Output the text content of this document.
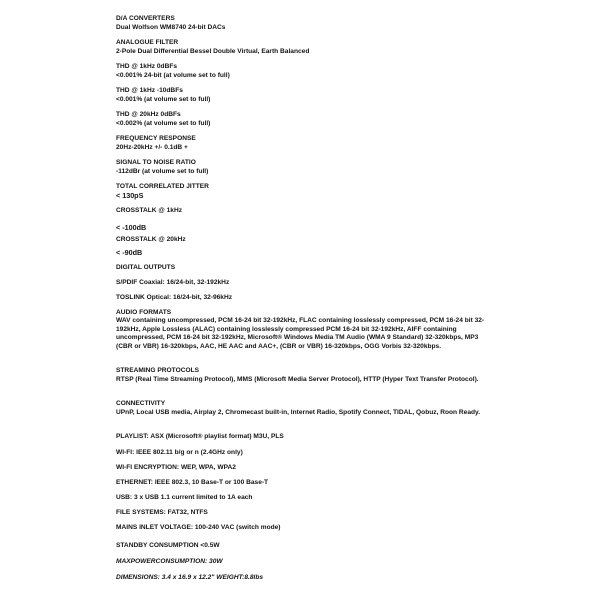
D/A CONVERTERS
Dual Wolfson WM8740 24-bit DACs
ANALOGUE FILTER
2-Pole Dual Differential Bessel Double Virtual, Earth Balanced
THD @ 1kHz 0dBFs
<0.001% 24-bit (at volume set to full)
THD @ 1kHz -10dBFs
<0.001% (at volume set to full)
THD @ 20kHz 0dBFs
<0.002% (at volume set to full)
FREQUENCY RESPONSE
20Hz-20kHz +/- 0.1dB +
SIGNAL TO NOISE RATIO
-112dBr (at volume set to full)
TOTAL CORRELATED JITTER
< 130pS
CROSSTALK @ 1kHz
< -100dB
CROSSTALK @ 20kHz
< -90dB
DIGITAL OUTPUTS
S/PDIF Coaxial: 16/24-bit, 32-192kHz
TOSLINK Optical: 16/24-bit, 32-96kHz
AUDIO FORMATS
WAV containing uncompressed, PCM 16-24 bit 32-192kHz, FLAC containing losslessly compressed, PCM 16-24 bit 32-192kHz, Apple Lossless (ALAC) containing losslessly compressed PCM 16-24 bit 32-192kHz, AIFF containing uncompressed, PCM 16-24 bit 32-192kHz, Microsoft® Windows Media TM Audio (WMA 9 Standard) 32-320kbps, MP3 (CBR or VBR) 16-320kbps, AAC, HE AAC and AAC+, (CBR or VBR) 16-320kbps, OGG Vorbis 32-320kbps.
STREAMING PROTOCOLS
RTSP (Real Time Streaming Protocol), MMS (Microsoft Media Server Protocol), HTTP (Hyper Text Transfer Protocol).
CONNECTIVITY
UPnP, Local USB media, Airplay 2, Chromecast built-in, Internet Radio, Spotify Connect, TIDAL, Qobuz, Roon Ready.
PLAYLIST: ASX (Microsoft® playlist format) M3U, PLS
WI-FI: IEEE 802.11 b/g or n (2.4GHz only)
WI-FI ENCRYPTION: WEP, WPA, WPA2
ETHERNET: IEEE 802.3, 10 Base-T or 100 Base-T
USB: 3 x USB 1.1 current limited to 1A each
FILE SYSTEMS: FAT32, NTFS
MAINS INLET VOLTAGE: 100-240 VAC (switch mode)
STANDBY CONSUMPTION <0.5W
MAXPOWERCONSUMPTION: 30W
DIMENSIONS: 3.4 x 16.9 x 12.2" WEIGHT:8.8lbs
